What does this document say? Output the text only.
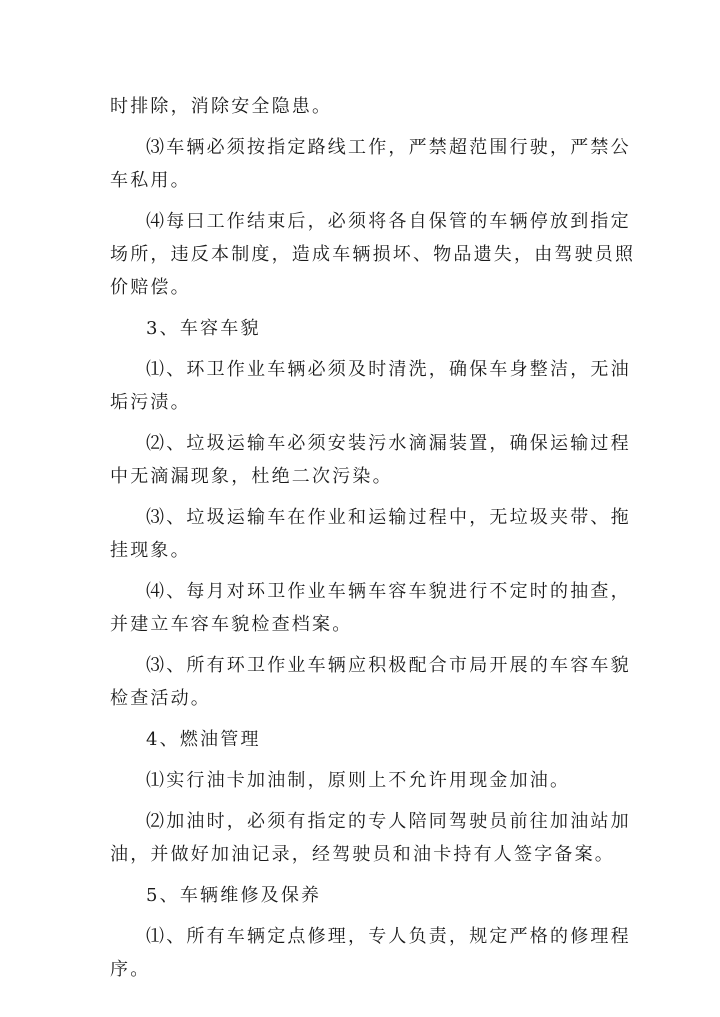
时排除，消除安全隐患。
⑶车辆必须按指定路线工作，严禁超范围行驶，严禁公
车私用。
⑷每曰工作结束后，必须将各自保管的车辆停放到指定
场所，违反本制度，造成车辆损坏、物品遗失，由驾驶员照
价赔偿。
3、车容车貌
⑴、环卫作业车辆必须及时清洗，确保车身整洁，无油
垢污渍。
⑵、垃圾运输车必须安装污水滴漏装置，确保运输过程
中无滴漏现象，杜绝二次污染。
⑶、垃圾运输车在作业和运输过程中，无垃圾夹带、拖
挂现象。
⑷、每月对环卫作业车辆车容车貌进行不定时的抽查，
并建立车容车貌检查档案。
⑶、所有环卫作业车辆应积极配合市局开展的车容车貌
检查活动。
4、燃油管理
⑴实行油卡加油制，原则上不允许用现金加油。
⑵加油时，必须有指定的专人陪同驾驶员前往加油站加
油，并做好加油记录，经驾驶员和油卡持有人签字备案。
5、车辆维修及保养
⑴、所有车辆定点修理，专人负责，规定严格的修理程
序。
